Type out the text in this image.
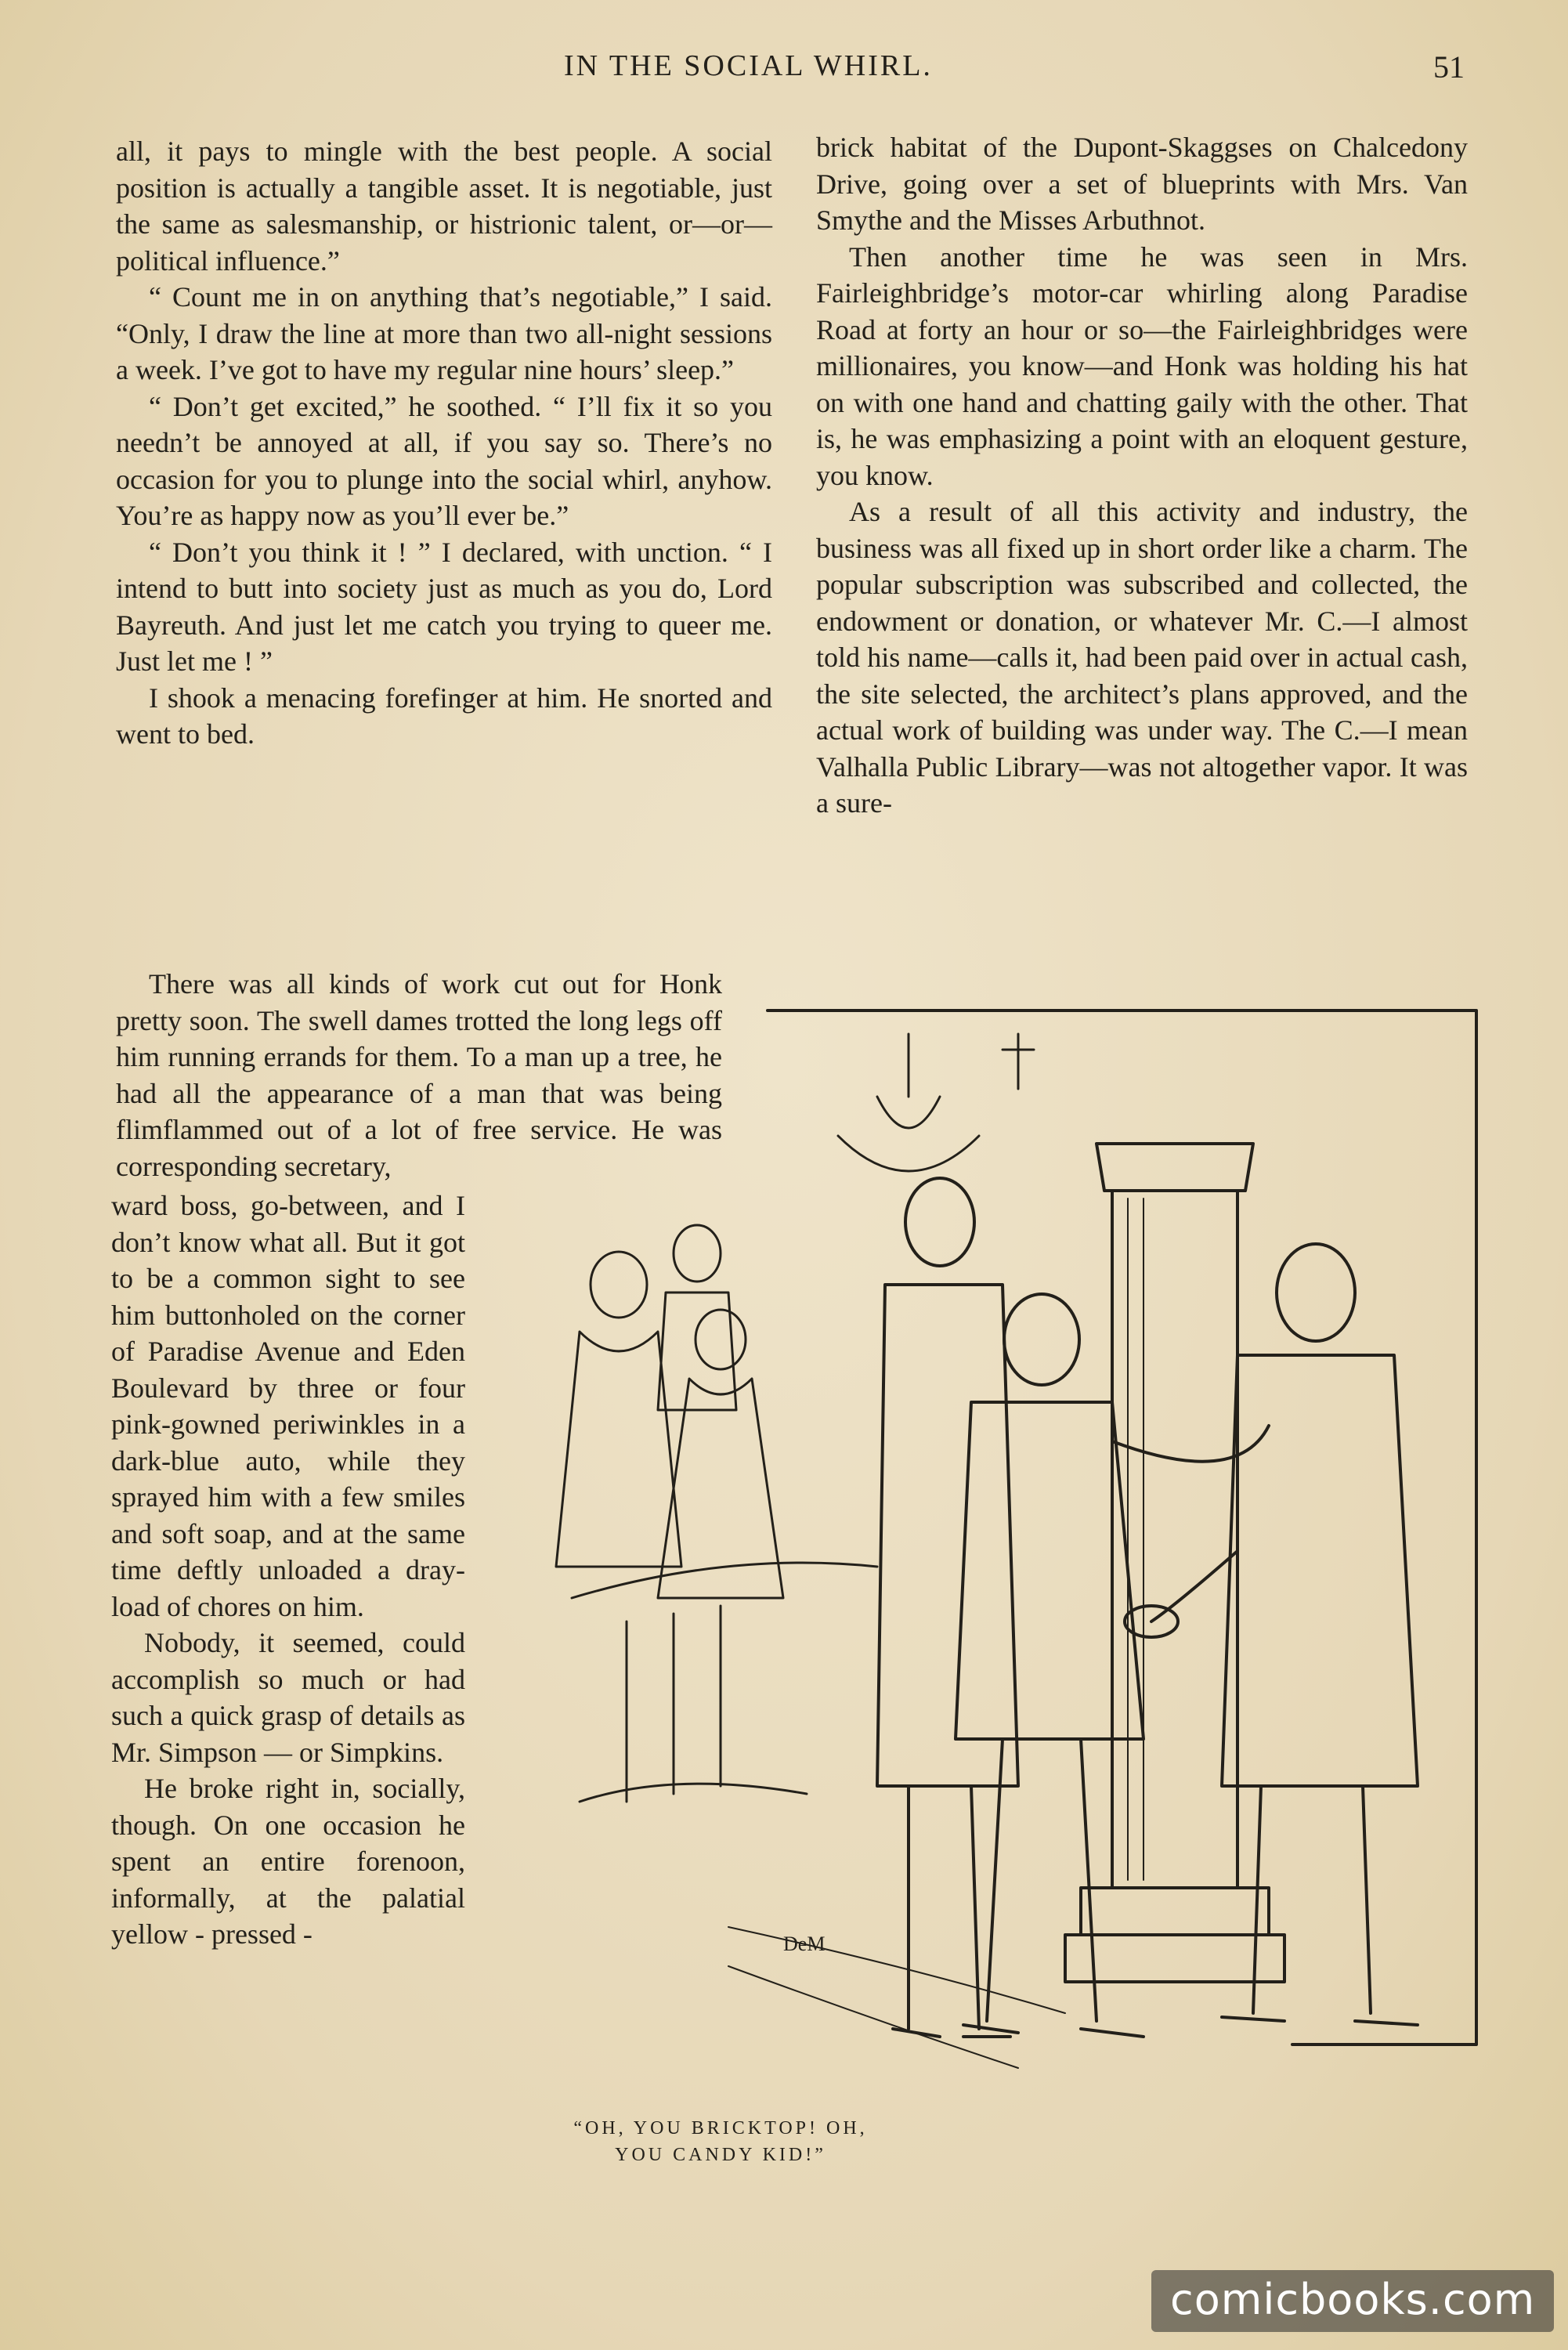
IN THE SOCIAL WHIRL.	51

all, it pays to mingle with the best people. A social position is actually a tangible asset. It is negotiable, just the same as salesmanship, or histrionic talent, or—or—political influence.”

“ Count me in on anything that’s negotiable,” I said. “Only, I draw the line at more than two all-night sessions a week. I’ve got to have my regular nine hours’ sleep.”

“ Don’t get excited,” he soothed. “ I’ll fix it so you needn’t be annoyed at all, if you say so. There’s no occasion for you to plunge into the social whirl, anyhow. You’re as happy now as you’ll ever be.”

“ Don’t you think it ! ” I declared, with unction. “ I intend to butt into society just as much as you do, Lord Bayreuth. And just let me catch you trying to queer me. Just let me ! ”

I shook a menacing forefinger at him. He snorted and went to bed.

There was all kinds of work cut out for Honk pretty soon. The swell dames trotted the long legs off him running errands for them. To a man up a tree, he had all the appearance of a man that was being flimflammed out of a lot of free service. He was corresponding secretary,

ward boss, go-between, and I don’t know what all. But it got to be a common sight to see him buttonholed on the corner of Paradise Avenue and Eden Boulevard by three or four pink-gowned periwinkles in a dark-blue auto, while they sprayed him with a few smiles and soft soap, and at the same time deftly unloaded a dray-load of chores on him.

Nobody, it seemed, could accomplish so much or had such a quick grasp of details as Mr. Simpson — or Simpkins.

He broke right in, socially, though. On one occasion he spent an entire forenoon, informally, at the palatial yellow - pressed -

brick habitat of the Dupont-Skaggses on Chalcedony Drive, going over a set of blueprints with Mrs. Van Smythe and the Misses Arbuthnot.

Then another time he was seen in Mrs. Fairleighbridge’s motor-car whirling along Paradise Road at forty an hour or so—the Fairleighbridges were millionaires, you know—and Honk was holding his hat on with one hand and chatting gaily with the other. That is, he was emphasizing a point with an eloquent gesture, you know.

As a result of all this activity and industry, the business was all fixed up in short order like a charm. The popular subscription was subscribed and collected, the endowment or donation, or whatever Mr. C.—I almost told his name—calls it, had been paid over in actual cash, the site selected, the architect’s plans approved, and the actual work of building was under way. The C.—I mean Valhalla Public Library—was not altogether vapor. It was a sure-

DeM
“OH, YOU BRICKTOP! OH,
YOU CANDY KID!”
comicbooks.com
